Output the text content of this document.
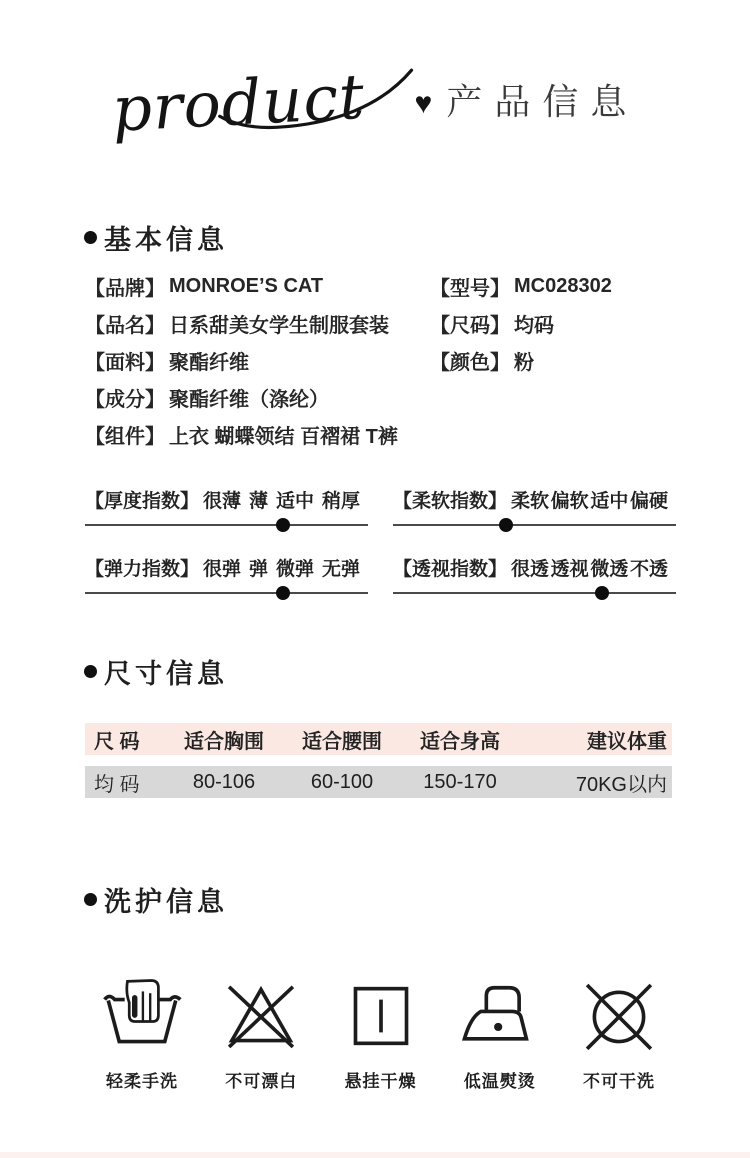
product	♥ 产品信息
基本信息
【品牌】 MONROE’S CAT
【品名】 日系甜美女学生制服套装
【面料】 聚酯纤维
【成分】 聚酯纤维（涤纶）
【组件】 上衣 蝴蝶领结 百褶裙 T裤
【型号】 MC028302
【尺码】 均码
【颜色】 粉
【厚度指数】 很薄 薄 适中 稍厚 【柔软指数】 柔软 偏软 适中 偏硬
【弹力指数】 很弹 弹 微弹 无弹 【透视指数】 很透 透视 微透 不透
尺寸信息
尺 码	适合胸围	适合腰围	适合身高	建议体重
均 码	80-106	60-100	150-170	70KG以内
洗护信息
轻柔手洗	不可漂白	悬挂干燥	低温熨烫	不可干洗
